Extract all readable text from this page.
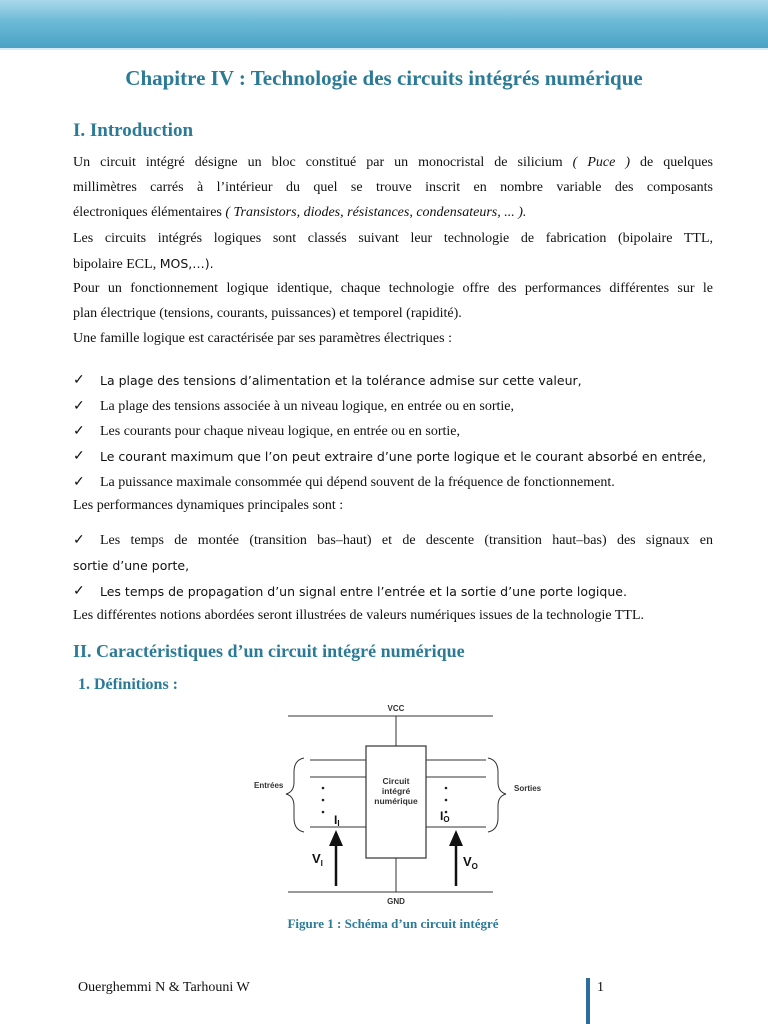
Chapitre IV : Technologie des circuits intégrés numérique
I. Introduction
Un circuit intégré désigne un bloc constitué par un monocristal de silicium ( Puce ) de quelques
millimètres carrés à l’intérieur du quel se trouve inscrit en nombre variable des composants
électroniques élémentaires ( Transistors, diodes, résistances, condensateurs, ... ).
Les circuits intégrés logiques sont classés suivant leur technologie de fabrication (bipolaire TTL,
bipolaire ECL, MOS,…).
Pour un fonctionnement logique identique, chaque technologie offre des performances différentes sur le
plan électrique (tensions, courants, puissances) et temporel (rapidité).
Une famille logique est caractérisée par ses paramètres électriques :
✓ La plage des tensions d’alimentation et la tolérance admise sur cette valeur,
✓ La plage des tensions associée à un niveau logique, en entrée ou en sortie,
✓ Les courants pour chaque niveau logique, en entrée ou en sortie,
✓ Le courant maximum que l’on peut extraire d’une porte logique et le courant absorbé en entrée,
✓ La puissance maximale consommée qui dépend souvent de la fréquence de fonctionnement.
Les performances dynamiques principales sont :
✓ Les temps de montée (transition bas–haut) et de descente (transition haut–bas) des signaux en
sortie d’une porte,
✓ Les temps de propagation d’un signal entre l’entrée et la sortie d’une porte logique.
Les différentes notions abordées seront illustrées de valeurs numériques issues de la technologie TTL.
II. Caractéristiques d’un circuit intégré numérique
1. Définitions :
VCC
GND
Entrées	Sorties
Circuit
intégré
numérique
II
IO
$V_I$	$V_O$
Figure 1 : Schéma d’un circuit intégré
Ouerghemmi N & Tarhouni W	1
